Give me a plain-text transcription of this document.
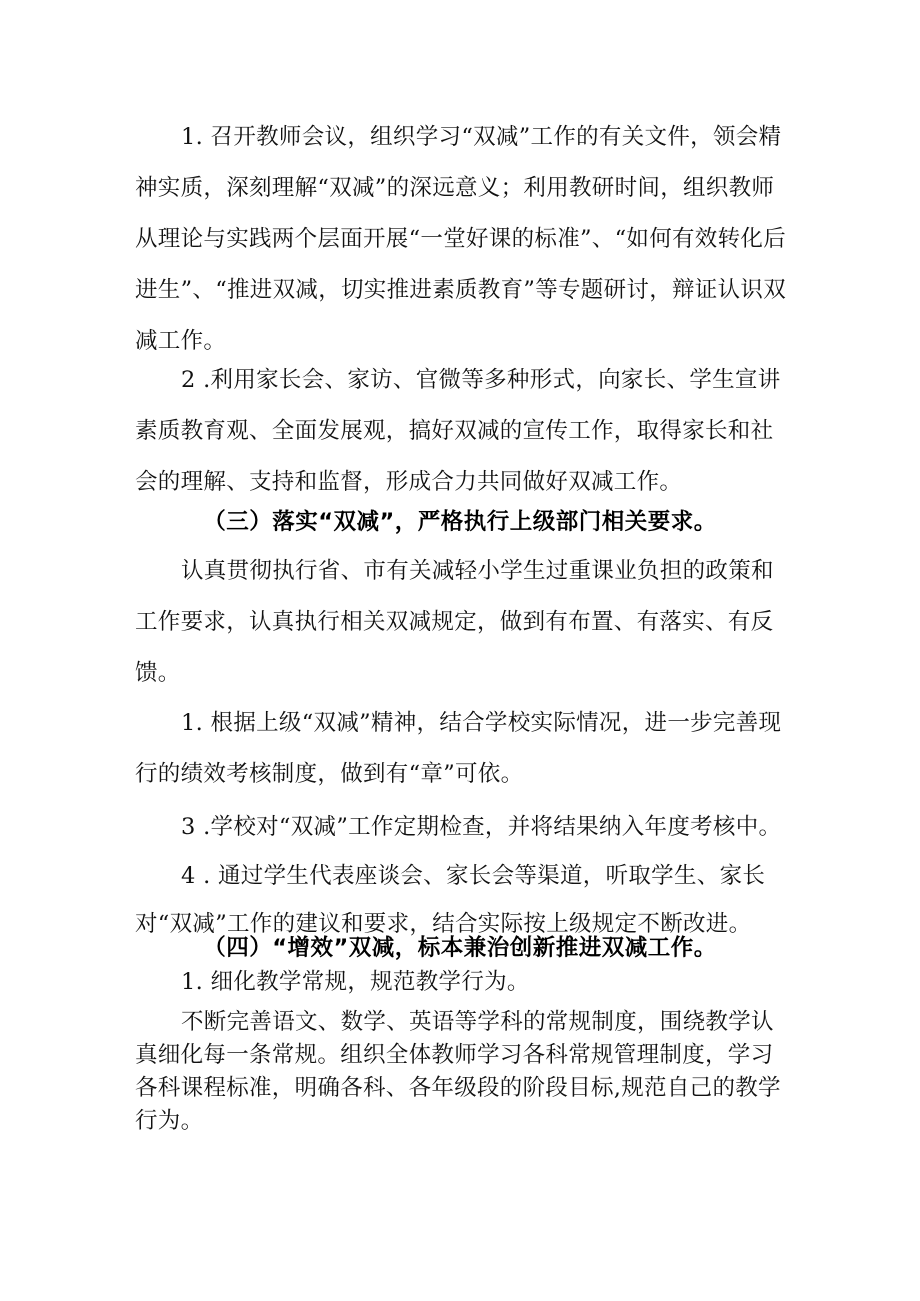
1. 召开教师会议，组织学习“双减”工作的有关文件，领会精神实质，深刻理解“双减”的深远意义；利用教研时间，组织教师从理论与实践两个层面开展“一堂好课的标准”、“如何有效转化后进生”、“推进双减，切实推进素质教育”等专题研讨，辩证认识双减工作。

2 .利用家长会、家访、官微等多种形式，向家长、学生宣讲素质教育观、全面发展观，搞好双减的宣传工作，取得家长和社会的理解、支持和监督，形成合力共同做好双减工作。

（三）落实“双减”，严格执行上级部门相关要求。

认真贯彻执行省、市有关减轻小学生过重课业负担的政策和工作要求，认真执行相关双减规定，做到有布置、有落实、有反馈。

1. 根据上级“双减”精神，结合学校实际情况，进一步完善现行的绩效考核制度，做到有“章”可依。

3 .学校对“双减”工作定期检查，并将结果纳入年度考核中。

4 . 通过学生代表座谈会、家长会等渠道，听取学生、家长对“双减”工作的建议和要求，结合实际按上级规定不断改进。

（四）“增效”双减，标本兼治创新推进双减工作。

1. 细化教学常规，规范教学行为。

不断完善语文、数学、英语等学科的常规制度，围绕教学认真细化每一条常规。组织全体教师学习各科常规管理制度，学习各科课程标准，明确各科、各年级段的阶段目标,规范自己的教学行为。
